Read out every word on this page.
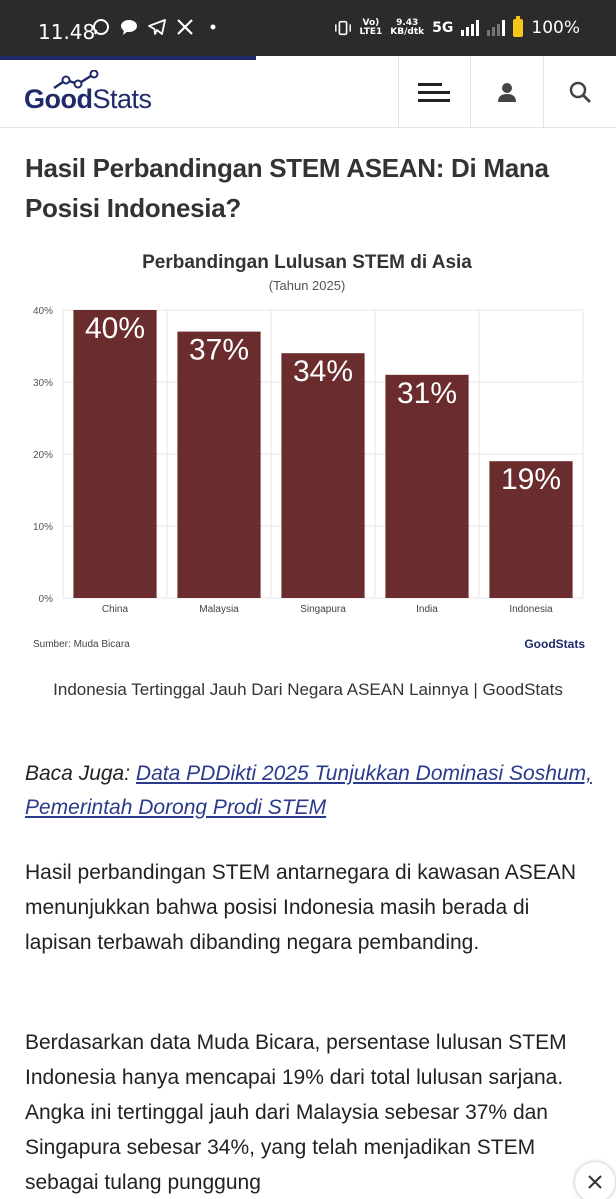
11.48	Vo)
LTE1
9.43
KB/dtk 5G	100%
GoodStats
Hasil Perbandingan STEM ASEAN: Di Mana Posisi Indonesia?
Perbandingan Lulusan STEM di Asia
(Tahun 2025)
0%
10%
20%
30%
40%
40%
China
37%
Malaysia
34%
Singapura
31%
India
19%
Indonesia
Sumber: Muda Bicara	GoodStats

Indonesia Tertinggal Jauh Dari Negara ASEAN Lainnya | GoodStats

Baca Juga: Data PDDikti 2025 Tunjukkan Dominasi Soshum, Pemerintah Dorong Prodi STEM

Hasil perbandingan STEM antarnegara di kawasan ASEAN menunjukkan bahwa posisi Indonesia masih berada di lapisan terbawah dibanding negara pembanding.

Berdasarkan data Muda Bicara, persentase lulusan STEM Indonesia hanya mencapai 19% dari total lulusan sarjana. Angka ini tertinggal jauh dari Malaysia sebesar 37% dan Singapura sebesar 34%, yang telah menjadikan STEM sebagai tulang punggung
